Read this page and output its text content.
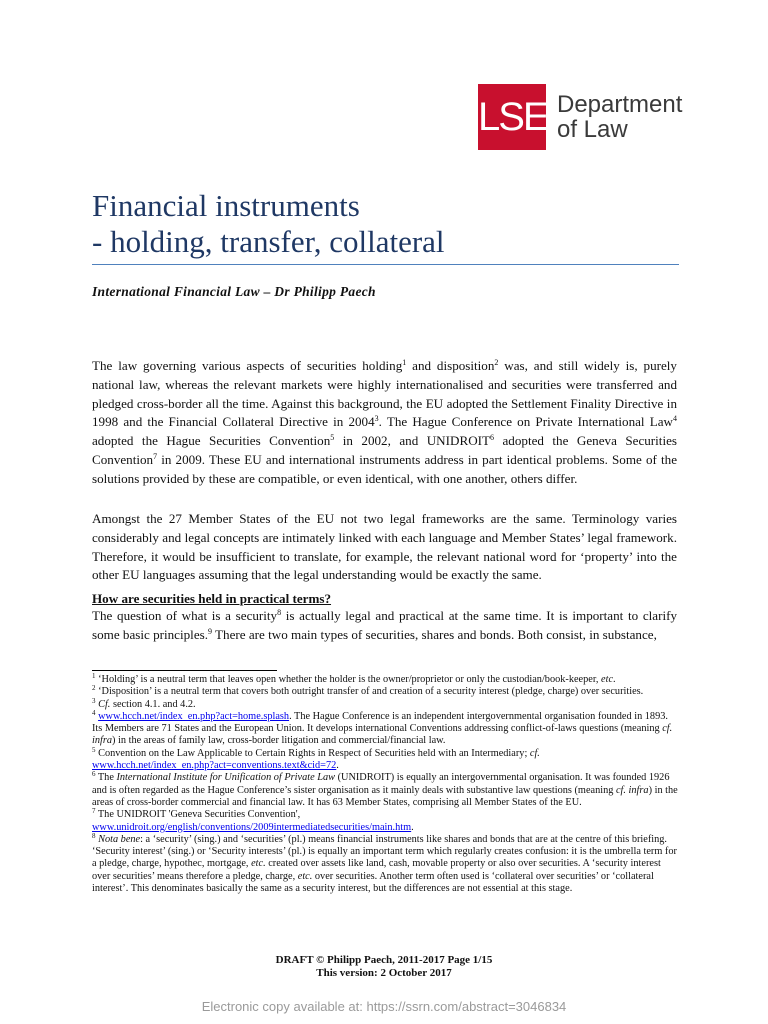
LSE Department
of Law
Financial instruments
- holding, transfer, collateral
International Financial Law – Dr Philipp Paech
The law governing various aspects of securities holding$^1$ and disposition$^2$ was, and still widely is, purely national law, whereas the relevant markets were highly internationalised and securities were transferred and pledged cross-border all the time. Against this background, the EU adopted the Settlement Finality Directive in 1998 and the Financial Collateral Directive in 2004$^3$. The Hague Conference on Private International Law$^4$ adopted the Hague Securities Convention$^5$ in 2002, and UNIDROIT$^6$ adopted the Geneva Securities Convention$^7$ in 2009. These EU and international instruments address in part identical problems. Some of the solutions provided by these are compatible, or even identical, with one another, others differ.
Amongst the 27 Member States of the EU not two legal frameworks are the same. Terminology varies considerably and legal concepts are intimately linked with each language and Member States’ legal framework. Therefore, it would be insufficient to translate, for example, the relevant national word for ‘property’ into the other EU languages assuming that the legal understanding would be exactly the same.
How are securities held in practical terms?
The question of what is a security$^8$ is actually legal and practical at the same time. It is important to clarify some basic principles.$^9$ There are two main types of securities, shares and bonds. Both consist, in substance,
$^1$ ‘Holding’ is a neutral term that leaves open whether the holder is the owner/proprietor or only the custodian/book-keeper, etc.
$^2$ ‘Disposition’ is a neutral term that covers both outright transfer of and creation of a security interest (pledge, charge) over securities.
$^3$ Cf. section 4.1. and 4.2.
$^4$ www.hcch.net/index_en.php?act=home.splash. The Hague Conference is an independent intergovernmental organisation founded in 1893. Its Members are 71 States and the European Union. It develops international Conventions addressing conflict-of-laws questions (meaning cf. infra) in the areas of family law, cross-border litigation and commercial/financial law.
$^5$ Convention on the Law Applicable to Certain Rights in Respect of Securities held with an Intermediary; cf.
www.hcch.net/index_en.php?act=conventions.text&cid=72.
$^6$ The International Institute for Unification of Private Law (UNIDROIT) is equally an intergovernmental organisation. It was founded 1926 and is often regarded as the Hague Conference’s sister organisation as it mainly deals with substantive law questions (meaning cf. infra) in the areas of cross-border commercial and financial law. It has 63 Member States, comprising all Member States of the EU.
$^7$ The UNIDROIT 'Geneva Securities Convention',
www.unidroit.org/english/conventions/2009intermediatedsecurities/main.htm.
$^8$ Nota bene: a ‘security’ (sing.) and ‘securities’ (pl.) means financial instruments like shares and bonds that are at the centre of this briefing. ‘Security interest’ (sing.) or ‘Security interests’ (pl.) is equally an important term which regularly creates confusion: it is the umbrella term for a pledge, charge, hypothec, mortgage, etc. created over assets like land, cash, movable property or also over securities. A ‘security interest over securities’ means therefore a pledge, charge, etc. over securities. Another term often used is ‘collateral over securities’ or ‘collateral interest’. This denominates basically the same as a security interest, but the differences are not essential at this stage.
DRAFT © Philipp Paech, 2011-2017 Page 1/15
This version: 2 October 2017
Electronic copy available at: https://ssrn.com/abstract=3046834
